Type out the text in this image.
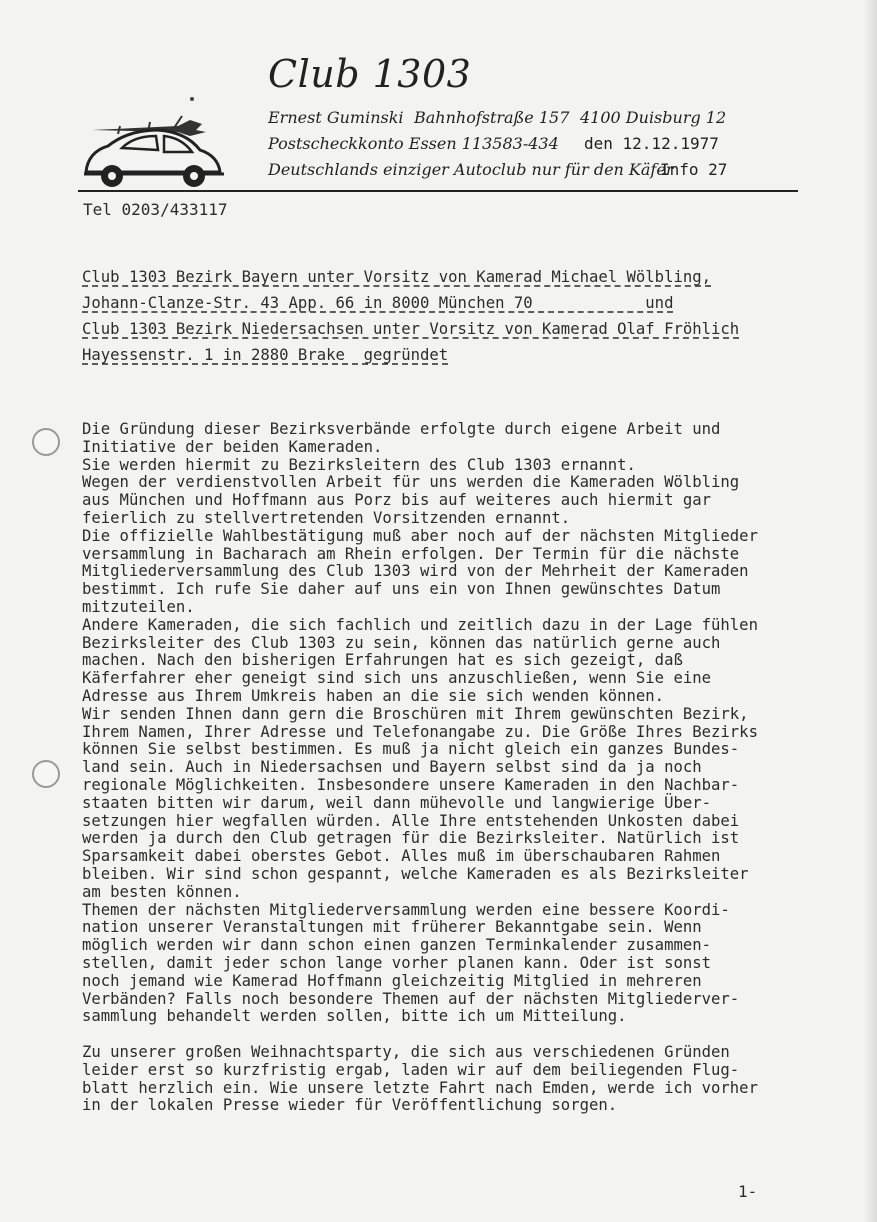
Club 1303
Ernest Guminski Bahnhofstraße 157 4100 Duisburg 12
Postscheckkonto Essen 113583-434 den 12.12.1977
Deutschlands einziger Autoclub nur für den Käfer
Info 27
Tel 0203/433117
Club 1303 Bezirk Bayern unter Vorsitz von Kamerad Michael Wölbling,
Johann-Clanze-Str. 43 App. 66 in 8000 München 70            und
Club 1303 Bezirk Niedersachsen unter Vorsitz von Kamerad Olaf Fröhlich
Hayessenstr. 1 in 2880 Brake  gegründet
Die Gründung dieser Bezirksverbände erfolgte durch eigene Arbeit und
Initiative der beiden Kameraden.
Sie werden hiermit zu Bezirksleitern des Club 1303 ernannt.
Wegen der verdienstvollen Arbeit für uns werden die Kameraden Wölbling
aus München und Hoffmann aus Porz bis auf weiteres auch hiermit gar
feierlich zu stellvertretenden Vorsitzenden ernannt.
Die offizielle Wahlbestätigung muß aber noch auf der nächsten Mitglieder
versammlung in Bacharach am Rhein erfolgen. Der Termin für die nächste
Mitgliederversammlung des Club 1303 wird von der Mehrheit der Kameraden
bestimmt. Ich rufe Sie daher auf uns ein von Ihnen gewünschtes Datum
mitzuteilen.
Andere Kameraden, die sich fachlich und zeitlich dazu in der Lage fühlen
Bezirksleiter des Club 1303 zu sein, können das natürlich gerne auch
machen. Nach den bisherigen Erfahrungen hat es sich gezeigt, daß
Käferfahrer eher geneigt sind sich uns anzuschließen, wenn Sie eine
Adresse aus Ihrem Umkreis haben an die sie sich wenden können.
Wir senden Ihnen dann gern die Broschüren mit Ihrem gewünschten Bezirk,
Ihrem Namen, Ihrer Adresse und Telefonangabe zu. Die Größe Ihres Bezirks
können Sie selbst bestimmen. Es muß ja nicht gleich ein ganzes Bundes-
land sein. Auch in Niedersachsen und Bayern selbst sind da ja noch
regionale Möglichkeiten. Insbesondere unsere Kameraden in den Nachbar-
staaten bitten wir darum, weil dann mühevolle und langwierige Über-
setzungen hier wegfallen würden. Alle Ihre entstehenden Unkosten dabei
werden ja durch den Club getragen für die Bezirksleiter. Natürlich ist
Sparsamkeit dabei oberstes Gebot. Alles muß im überschaubaren Rahmen
bleiben. Wir sind schon gespannt, welche Kameraden es als Bezirksleiter
am besten können.
Themen der nächsten Mitgliederversammlung werden eine bessere Koordi-
nation unserer Veranstaltungen mit früherer Bekanntgabe sein. Wenn
möglich werden wir dann schon einen ganzen Terminkalender zusammen-
stellen, damit jeder schon lange vorher planen kann. Oder ist sonst
noch jemand wie Kamerad Hoffmann gleichzeitig Mitglied in mehreren
Verbänden? Falls noch besondere Themen auf der nächsten Mitgliederver-
sammlung behandelt werden sollen, bitte ich um Mitteilung.
Zu unserer großen Weihnachtsparty, die sich aus verschiedenen Gründen
leider erst so kurzfristig ergab, laden wir auf dem beiliegenden Flug-
blatt herzlich ein. Wie unsere letzte Fahrt nach Emden, werde ich vorher
in der lokalen Presse wieder für Veröffentlichung sorgen.
1-
